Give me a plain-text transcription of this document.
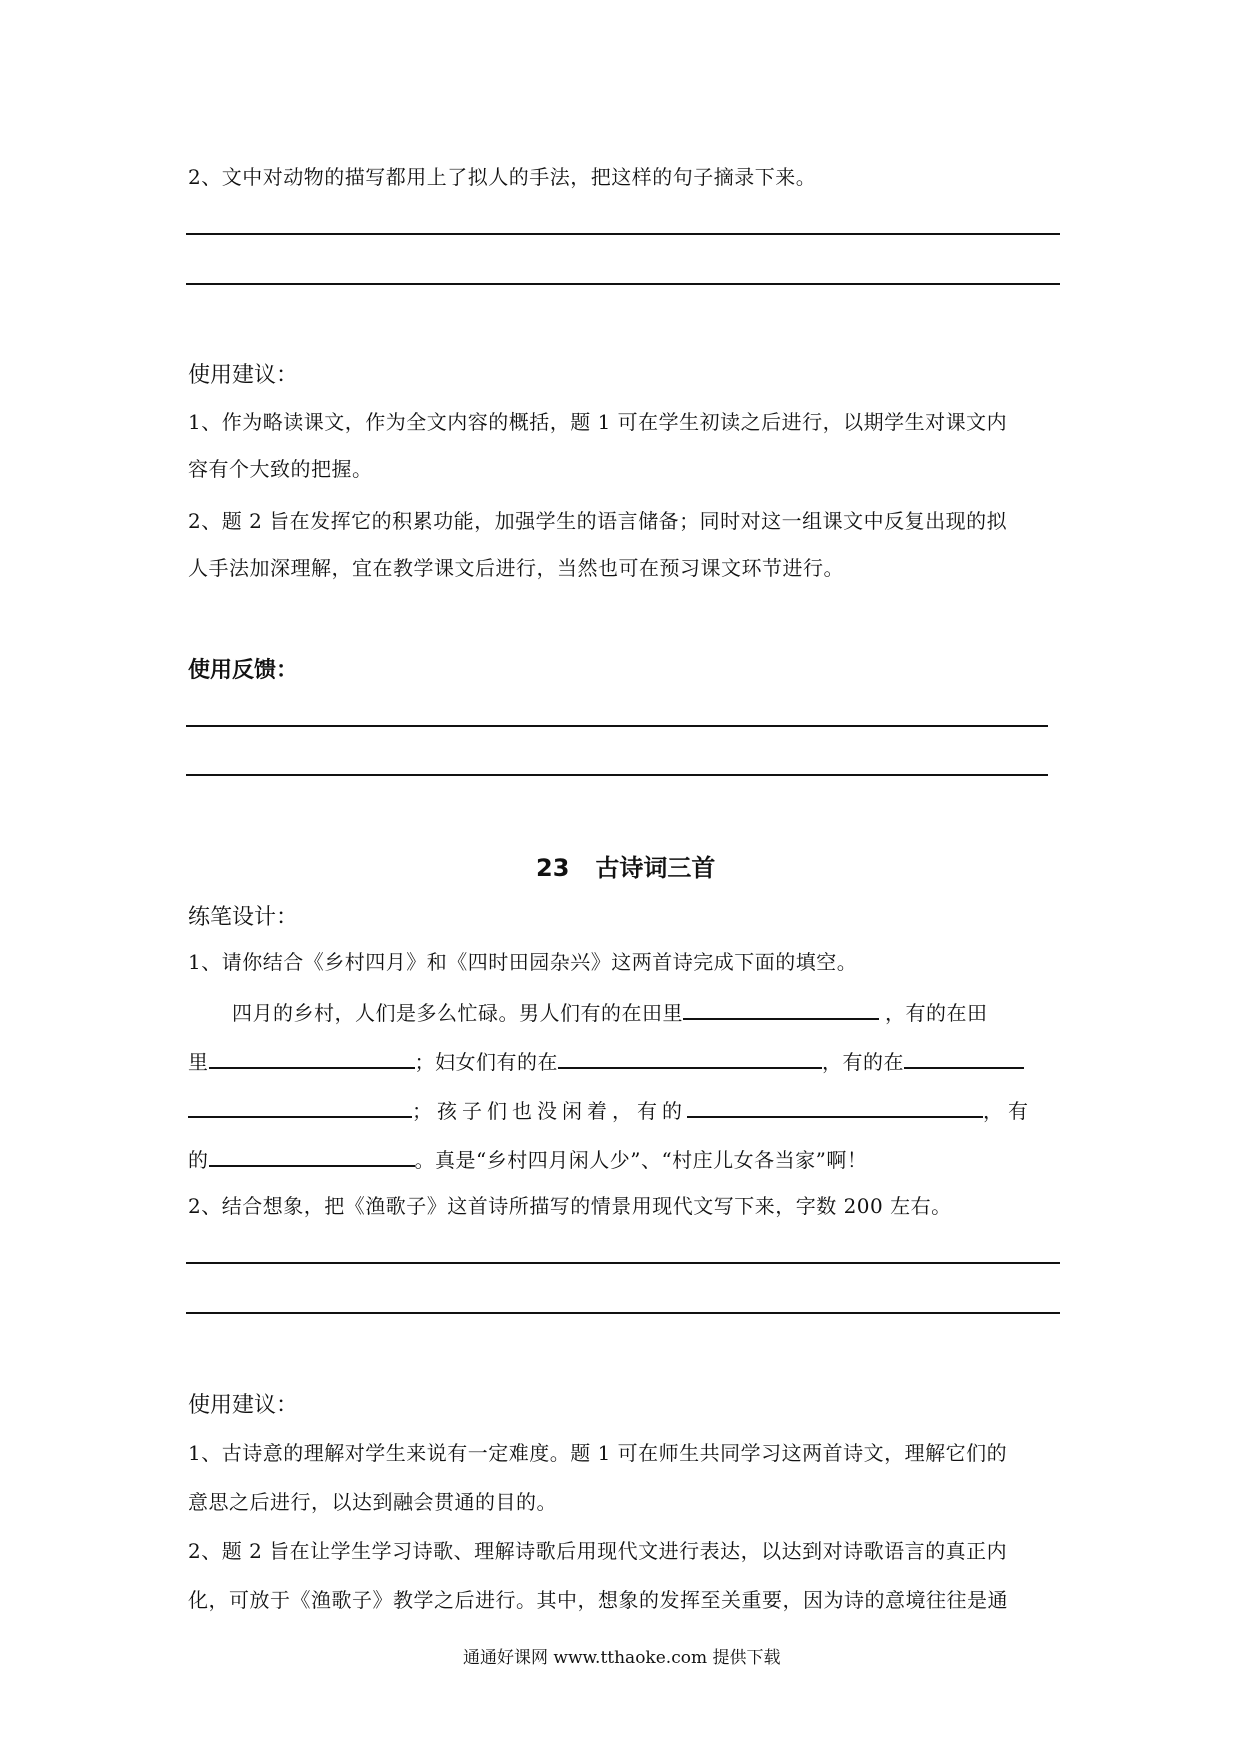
2、文中对动物的描写都用上了拟人的手法，把这样的句子摘录下来。
使用建议：
1、作为略读课文，作为全文内容的概括，题 1 可在学生初读之后进行，以期学生对课文内
容有个大致的把握。
2、题 2 旨在发挥它的积累功能，加强学生的语言储备；同时对这一组课文中反复出现的拟
人手法加深理解，宜在教学课文后进行，当然也可在预习课文环节进行。
使用反馈：
23 古诗词三首
练笔设计：
1、请你结合《乡村四月》和《四时田园杂兴》这两首诗完成下面的填空。
四月的乡村，人们是多么忙碌。男人们有的在田里	，有的在田
里	；妇女们有的在	，有的在
；孩子们也没闲着，有的	，有
的	。真是“乡村四月闲人少”、“村庄儿女各当家”啊！
2、结合想象，把《渔歌子》这首诗所描写的情景用现代文写下来，字数 200 左右。
使用建议：
1、古诗意的理解对学生来说有一定难度。题 1 可在师生共同学习这两首诗文，理解它们的
意思之后进行，以达到融会贯通的目的。
2、题 2 旨在让学生学习诗歌、理解诗歌后用现代文进行表达，以达到对诗歌语言的真正内
化，可放于《渔歌子》教学之后进行。其中，想象的发挥至关重要，因为诗的意境往往是通
通通好课网 www.tthaoke.com 提供下载
